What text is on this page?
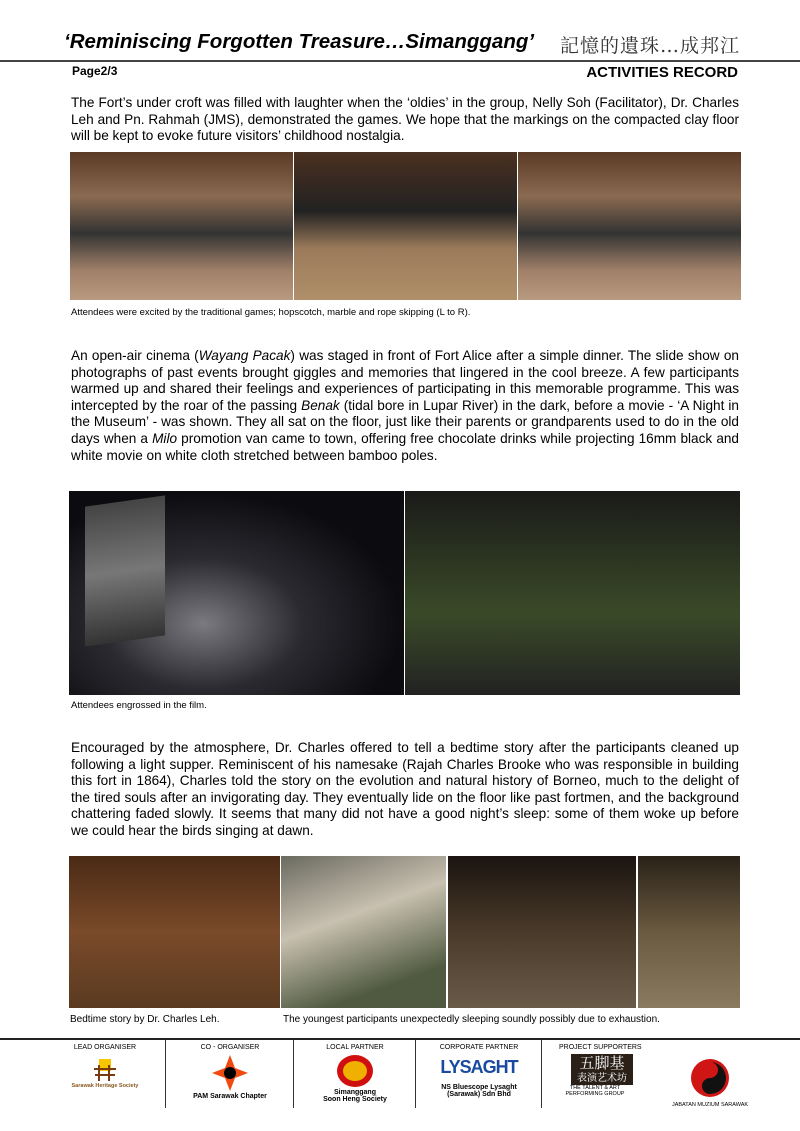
‘Reminiscing Forgotten Treasure…Simanggang’ 記憶的遺珠…成邦江
Page2/3	ACTIVITIES RECORD

The Fort’s under croft was filled with laughter when the ‘oldies’ in the group, Nelly Soh (Facilitator), Dr. Charles Leh and Pn. Rahmah (JMS), demonstrated the games. We hope that the markings on the compacted clay floor will be kept to evoke future visitors’ childhood nostalgia.

Attendees were excited by the traditional games; hopscotch, marble and rope skipping (L to R).

An open-air cinema (Wayang Pacak) was staged in front of Fort Alice after a simple dinner. The slide show on photographs of past events brought giggles and memories that lingered in the cool breeze. A few participants warmed up and shared their feelings and experiences of participating in this memorable programme. This was intercepted by the roar of the passing Benak (tidal bore in Lupar River) in the dark, before a movie - ‘A Night in the Museum’ - was shown. They all sat on the floor, just like their parents or grandparents used to do in the old days when a Milo promotion van came to town, offering free chocolate drinks while projecting 16mm black and white movie on white cloth stretched between bamboo poles.

Attendees engrossed in the film.

Encouraged by the atmosphere, Dr. Charles offered to tell a bedtime story after the participants cleaned up following a light supper. Reminiscent of his namesake (Rajah Charles Brooke who was responsible in building this fort in 1864), Charles told the story on the evolution and natural history of Borneo, much to the delight of the tired souls after an invigorating day. They eventually lide on the floor like past fortmen, and the background chattering faded slowly. It seems that many did not have a good night’s sleep: some of them woke up before we could hear the birds singing at dawn.

Bedtime story by Dr. Charles Leh.	The youngest participants unexpectedly sleeping soundly possibly due to exhaustion.
LEAD ORGANISER
Sarawak Heritage Society
CO - ORGANISER
PAM Sarawak Chapter
LOCAL PARTNER
Simanggang
Soon Heng Society
CORPORATE PARTNER
LYSAGHT
NS Bluescope Lysaght
(Sarawak) Sdn Bhd
PROJECT SUPPORTERS
五脚基
表演艺术坊
THE TALENT & ART
PERFORMING GROUP
JABATAN MUZIUM SARAWAK
